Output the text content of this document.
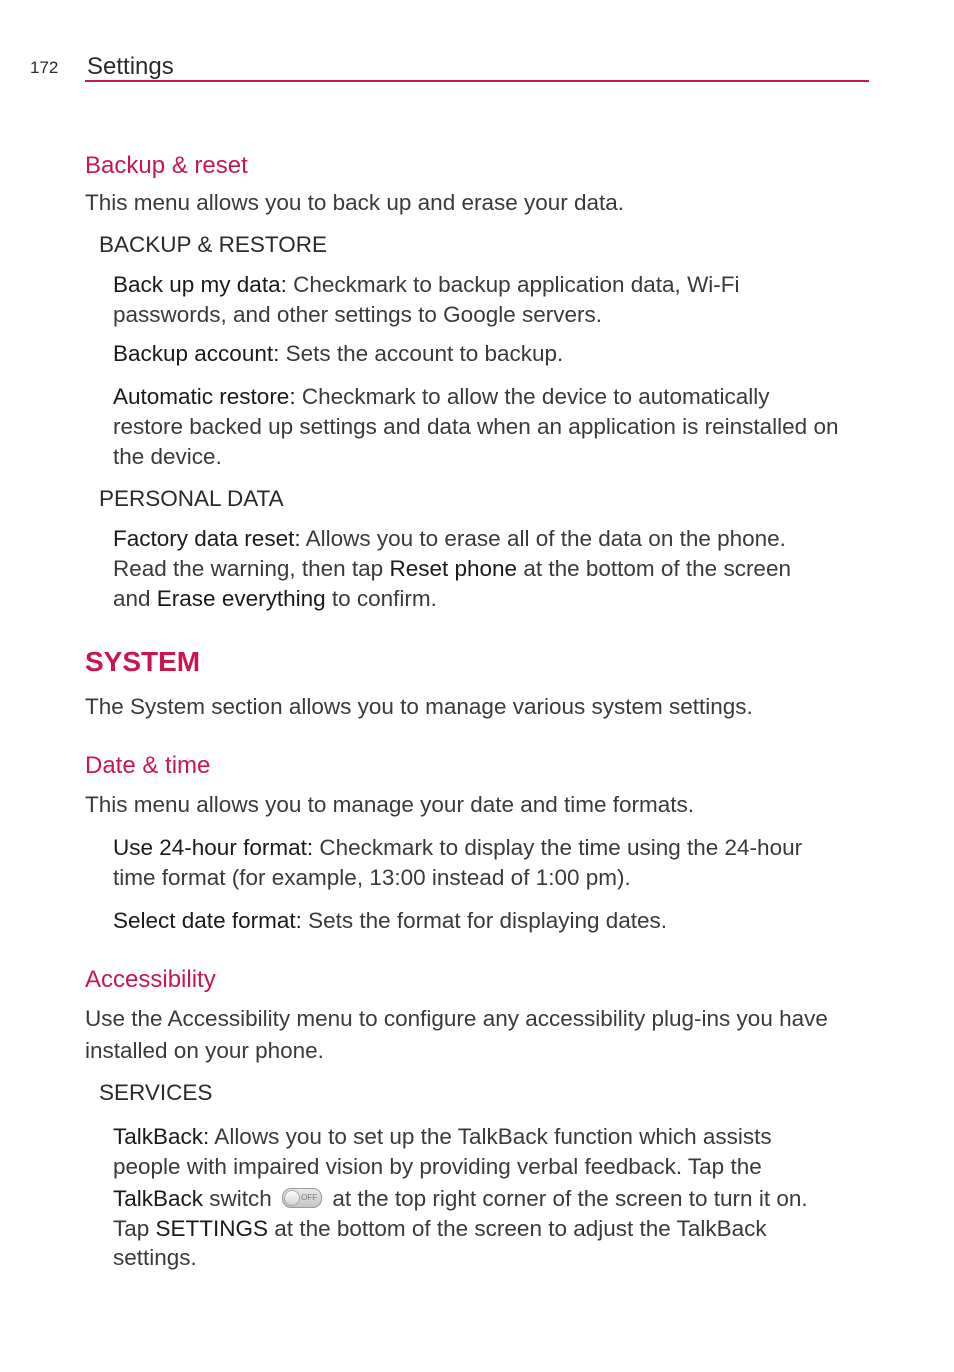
172 Settings
Backup & reset
This menu allows you to back up and erase your data.
BACKUP & RESTORE
Back up my data: Checkmark to backup application data, Wi-Fi
passwords, and other settings to Google servers.
Backup account: Sets the account to backup.
Automatic restore: Checkmark to allow the device to automatically
restore backed up settings and data when an application is reinstalled on
the device.
PERSONAL DATA
Factory data reset: Allows you to erase all of the data on the phone.
Read the warning, then tap Reset phone at the bottom of the screen
and Erase everything to confirm.
SYSTEM
The System section allows you to manage various system settings.
Date & time
This menu allows you to manage your date and time formats.
Use 24-hour format: Checkmark to display the time using the 24-hour
time format (for example, 13:00 instead of 1:00 pm).
Select date format: Sets the format for displaying dates.
Accessibility
Use the Accessibility menu to configure any accessibility plug-ins you have
installed on your phone.
SERVICES
TalkBack: Allows you to set up the TalkBack function which assists
people with impaired vision by providing verbal feedback. Tap the
TalkBack switch	OFF at the top right corner of the screen to turn it on.
Tap SETTINGS at the bottom of the screen to adjust the TalkBack
settings.
